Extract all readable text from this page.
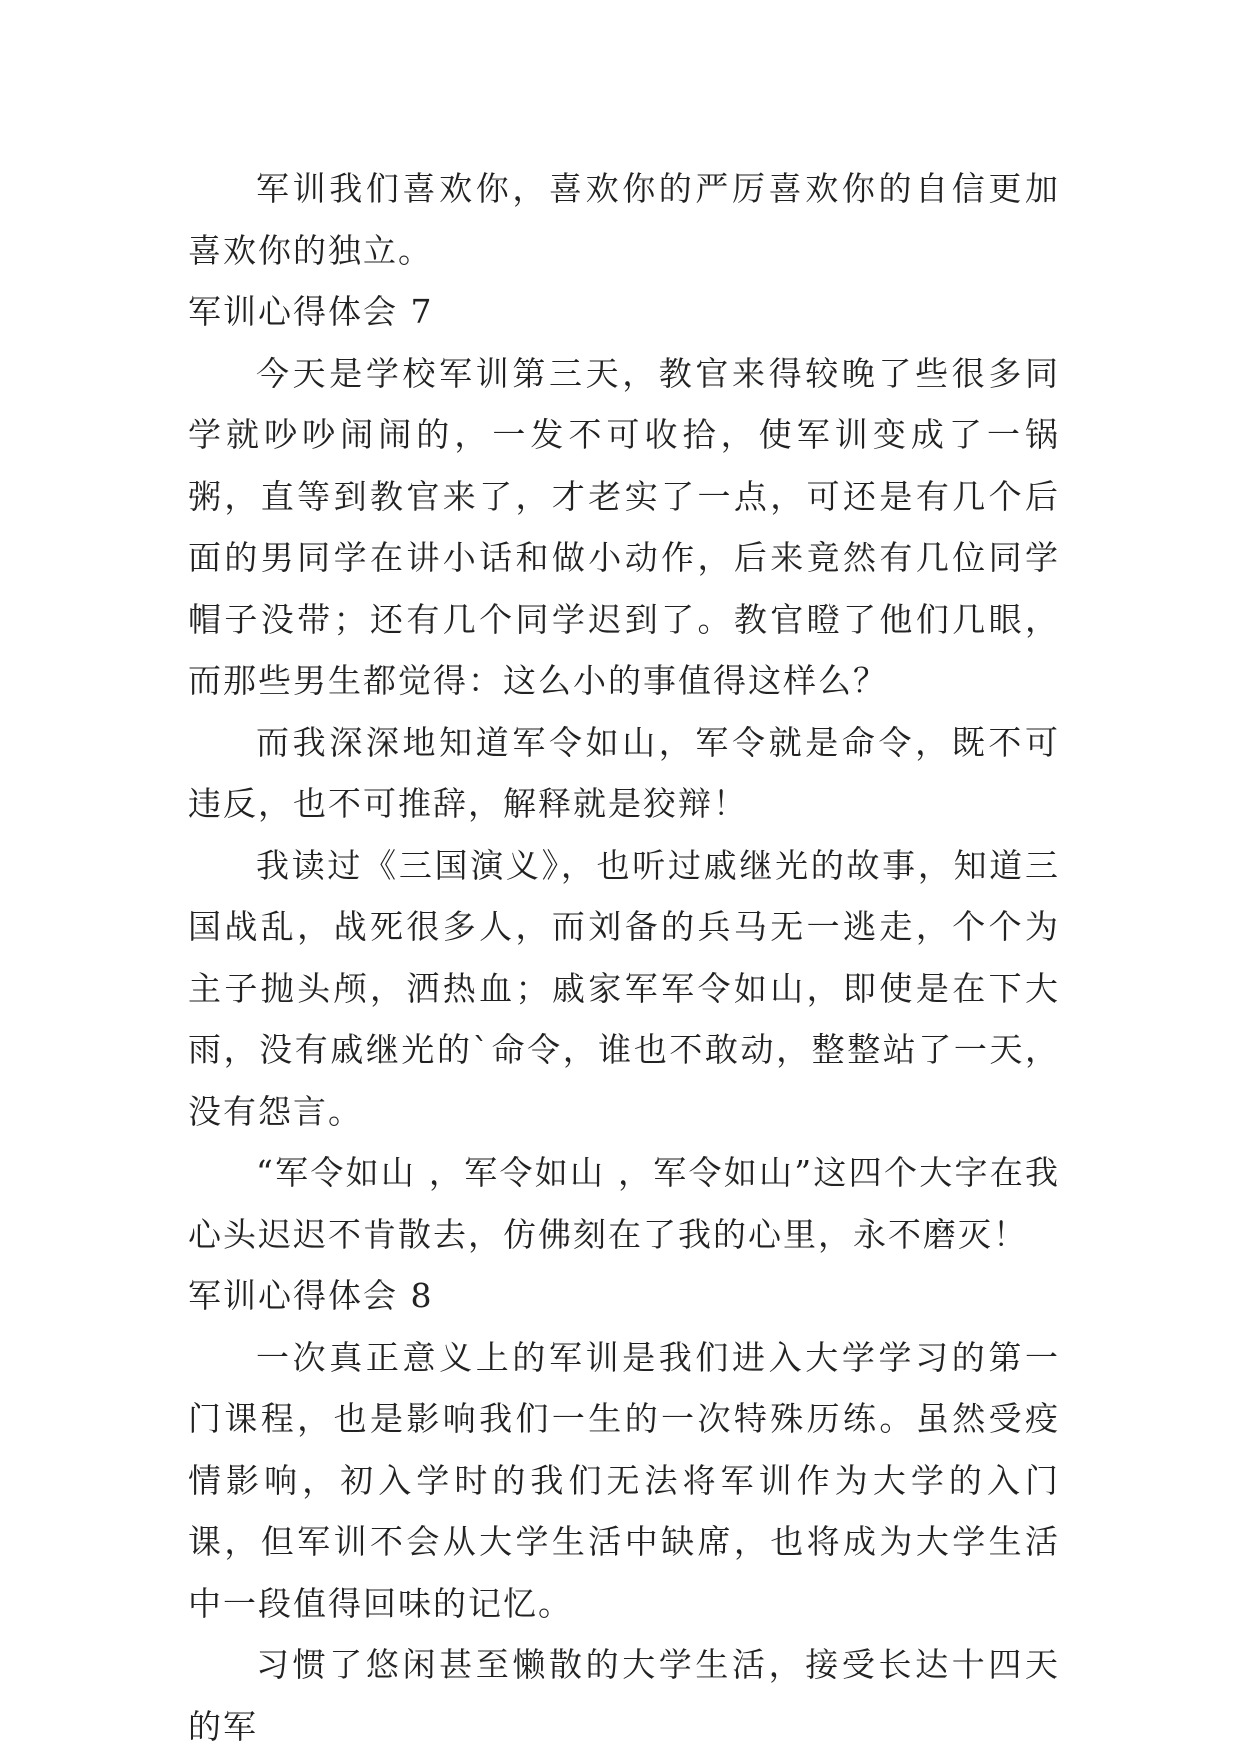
军训我们喜欢你，喜欢你的严厉喜欢你的自信更加喜欢你的独立。

军训心得体会 7

今天是学校军训第三天，教官来得较晚了些很多同学就吵吵闹闹的，一发不可收拾，使军训变成了一锅粥，直等到教官来了，才老实了一点，可还是有几个后面的男同学在讲小话和做小动作，后来竟然有几位同学帽子没带；还有几个同学迟到了。教官瞪了他们几眼，而那些男生都觉得：这么小的事值得这样么？

而我深深地知道军令如山，军令就是命令，既不可违反，也不可推辞，解释就是狡辩！

我读过《三国演义》，也听过戚继光的故事，知道三国战乱，战死很多人，而刘备的兵马无一逃走，个个为主子抛头颅，洒热血；戚家军军令如山，即使是在下大雨，没有戚继光的`命令，谁也不敢动，整整站了一天，没有怨言。

“军令如山 ，军令如山 ，军令如山”这四个大字在我心头迟迟不肯散去，仿佛刻在了我的心里，永不磨灭！

军训心得体会 8

一次真正意义上的军训是我们进入大学学习的第一门课程，也是影响我们一生的一次特殊历练。虽然受疫情影响，初入学时的我们无法将军训作为大学的入门课，但军训不会从大学生活中缺席，也将成为大学生活中一段值得回味的记忆。

习惯了悠闲甚至懒散的大学生活，接受长达十四天的军
